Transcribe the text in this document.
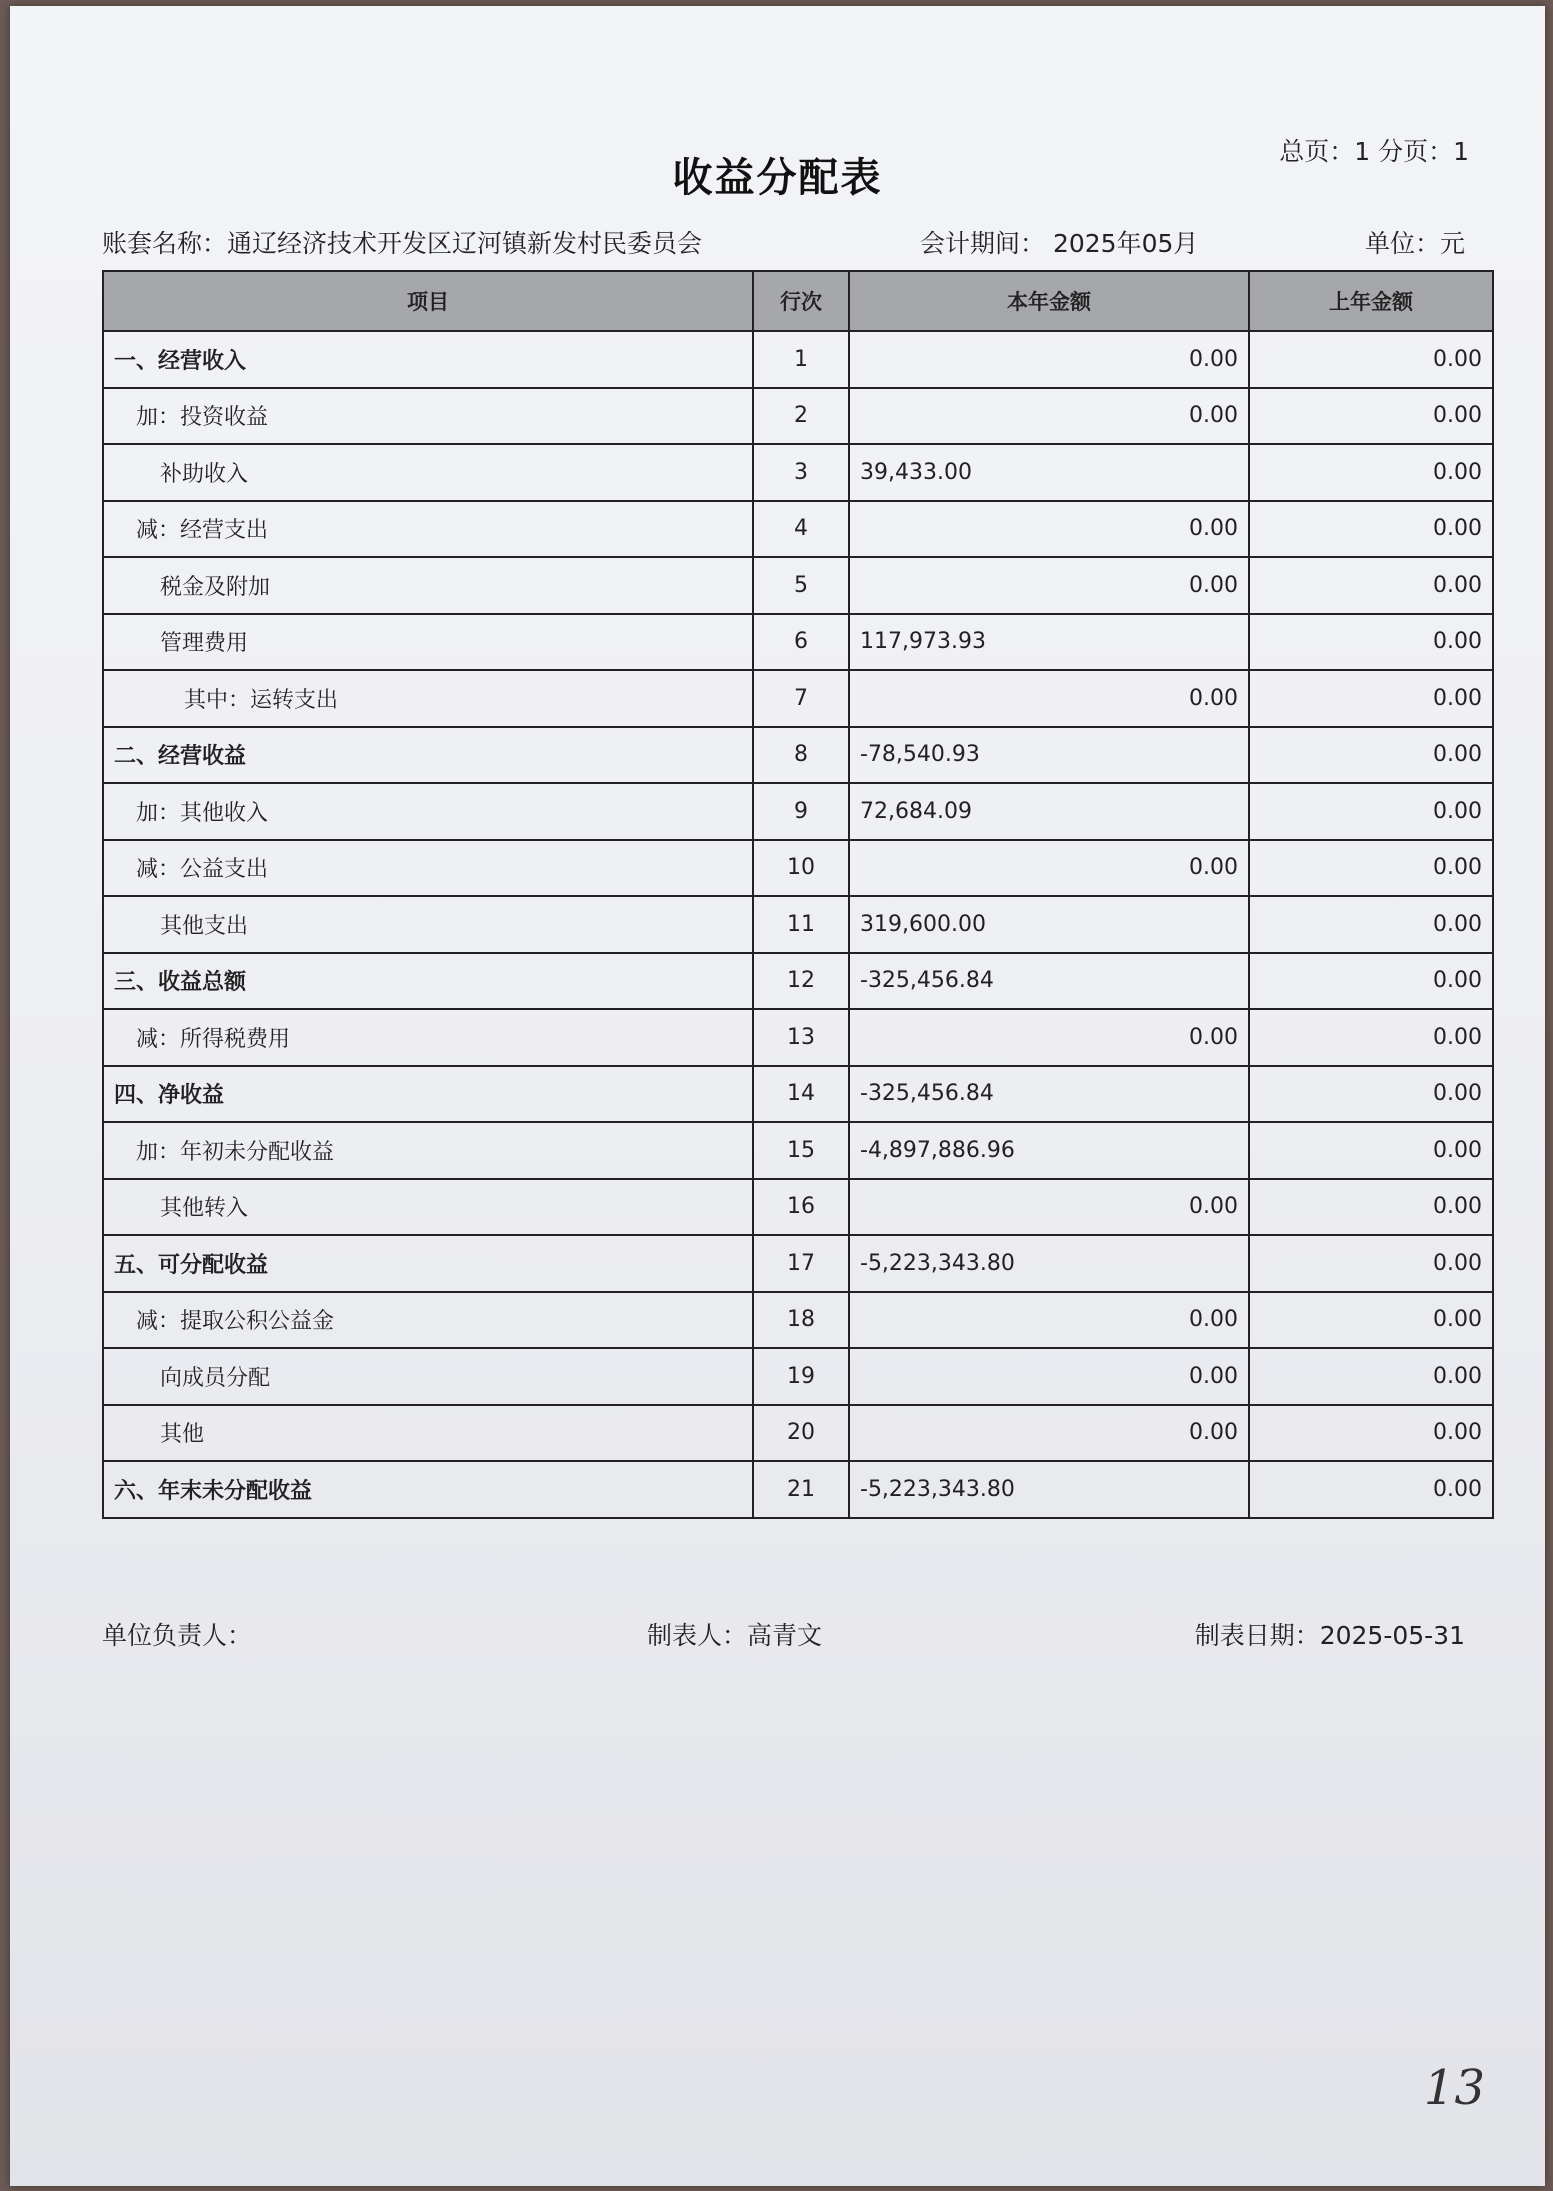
总页：1 分页：1
收益分配表
账套名称：通辽经济技术开发区辽河镇新发村民委员会	会计期间： 2025年05月	单位：元
项目	行次	本年金额	上年金额
一、经营收入	1	0.00	0.00
加：投资收益	2	0.00	0.00
补助收入	3	39,433.00	0.00
减：经营支出	4	0.00	0.00
税金及附加	5	0.00	0.00
管理费用	6	117,973.93	0.00
其中：运转支出	7	0.00	0.00
二、经营收益	8	-78,540.93	0.00
加：其他收入	9	72,684.09	0.00
减：公益支出	10	0.00	0.00
其他支出	11	319,600.00	0.00
三、收益总额	12	-325,456.84	0.00
减：所得税费用	13	0.00	0.00
四、净收益	14	-325,456.84	0.00
加：年初未分配收益	15	-4,897,886.96	0.00
其他转入	16	0.00	0.00
五、可分配收益	17	-5,223,343.80	0.00
减：提取公积公益金	18	0.00	0.00
向成员分配	19	0.00	0.00
其他	20	0.00	0.00
六、年末未分配收益	21	-5,223,343.80	0.00
单位负责人：	制表人：高青文	制表日期：2025-05-31
13
